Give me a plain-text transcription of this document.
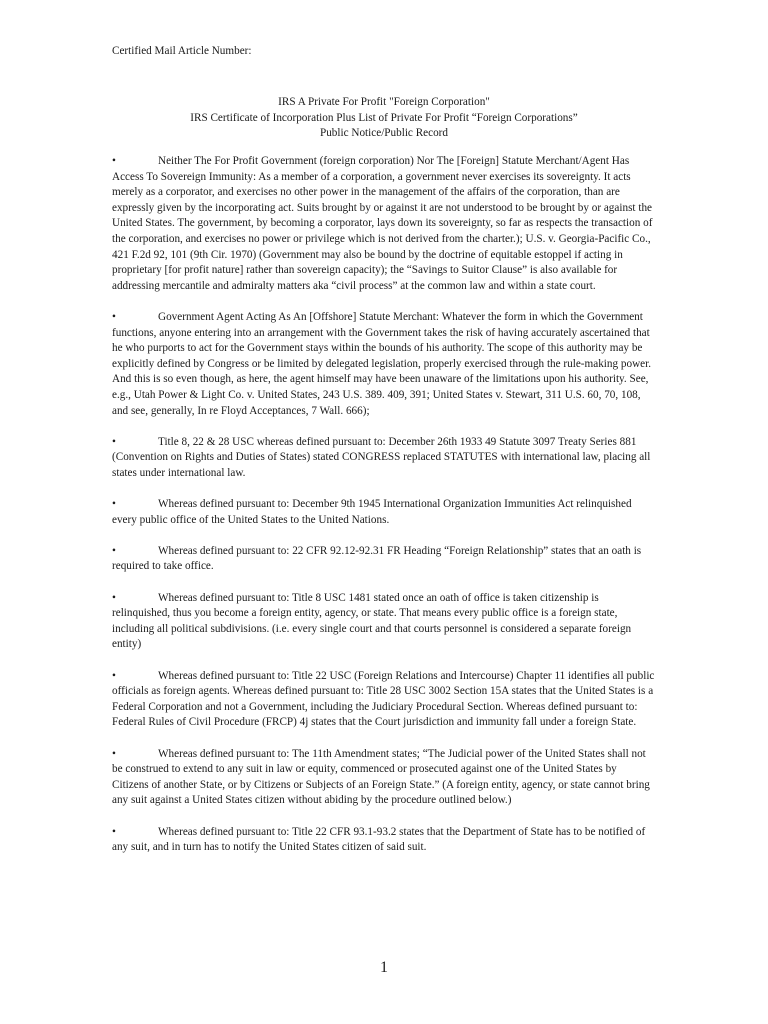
Certified Mail Article Number:
IRS A Private For Profit "Foreign Corporation"
IRS Certificate of Incorporation Plus List of Private For Profit “Foreign Corporations”
Public Notice/Public Record

•	Neither The For Profit Government (foreign corporation) Nor The [Foreign] Statute Merchant/Agent Has Access To Sovereign Immunity: As a member of a corporation, a government never exercises its sovereignty. It acts merely as a corporator, and exercises no other power in the management of the affairs of the corporation, than are expressly given by the incorporating act. Suits brought by or against it are not understood to be brought by or against the United States. The government, by becoming a corporator, lays down its sovereignty, so far as respects the transaction of the corporation, and exercises no power or privilege which is not derived from the charter.); U.S. v. Georgia-Pacific Co., 421 F.2d 92, 101 (9th Cir. 1970) (Government may also be bound by the doctrine of equitable estoppel if acting in proprietary [for profit nature] rather than sovereign capacity); the “Savings to Suitor Clause” is also available for addressing mercantile and admiralty matters aka “civil process” at the common law and within a state court.

•	Government Agent Acting As An [Offshore] Statute Merchant: Whatever the form in which the Government functions, anyone entering into an arrangement with the Government takes the risk of having accurately ascertained that he who purports to act for the Government stays within the bounds of his authority. The scope of this authority may be explicitly defined by Congress or be limited by delegated legislation, properly exercised through the rule-making power. And this is so even though, as here, the agent himself may have been unaware of the limitations upon his authority. See, e.g., Utah Power & Light Co. v. United States, 243 U.S. 389. 409, 391; United States v. Stewart, 311 U.S. 60, 70, 108, and see, generally, In re Floyd Acceptances, 7 Wall. 666);

•	Title 8, 22 & 28 USC whereas defined pursuant to: December 26th 1933 49 Statute 3097 Treaty Series 881 (Convention on Rights and Duties of States) stated CONGRESS replaced STATUTES with international law, placing all states under international law.

•	Whereas defined pursuant to: December 9th 1945 International Organization Immunities Act relinquished every public office of the United States to the United Nations.

•	Whereas defined pursuant to: 22 CFR 92.12-92.31 FR Heading “Foreign Relationship” states that an oath is required to take office.

•	Whereas defined pursuant to: Title 8 USC 1481 stated once an oath of office is taken citizenship is relinquished, thus you become a foreign entity, agency, or state. That means every public office is a foreign state, including all political subdivisions. (i.e. every single court and that courts personnel is considered a separate foreign entity)

•	Whereas defined pursuant to: Title 22 USC (Foreign Relations and Intercourse) Chapter 11 identifies all public officials as foreign agents. Whereas defined pursuant to: Title 28 USC 3002 Section 15A states that the United States is a Federal Corporation and not a Government, including the Judiciary Procedural Section. Whereas defined pursuant to: Federal Rules of Civil Procedure (FRCP) 4j states that the Court jurisdiction and immunity fall under a foreign State.

•	Whereas defined pursuant to: The 11th Amendment states; “The Judicial power of the United States shall not be construed to extend to any suit in law or equity, commenced or prosecuted against one of the United States by Citizens of another State, or by Citizens or Subjects of an Foreign State.” (A foreign entity, agency, or state cannot bring any suit against a United States citizen without abiding by the procedure outlined below.)

•	Whereas defined pursuant to: Title 22 CFR 93.1-93.2 states that the Department of State has to be notified of any suit, and in turn has to notify the United States citizen of said suit.

1
